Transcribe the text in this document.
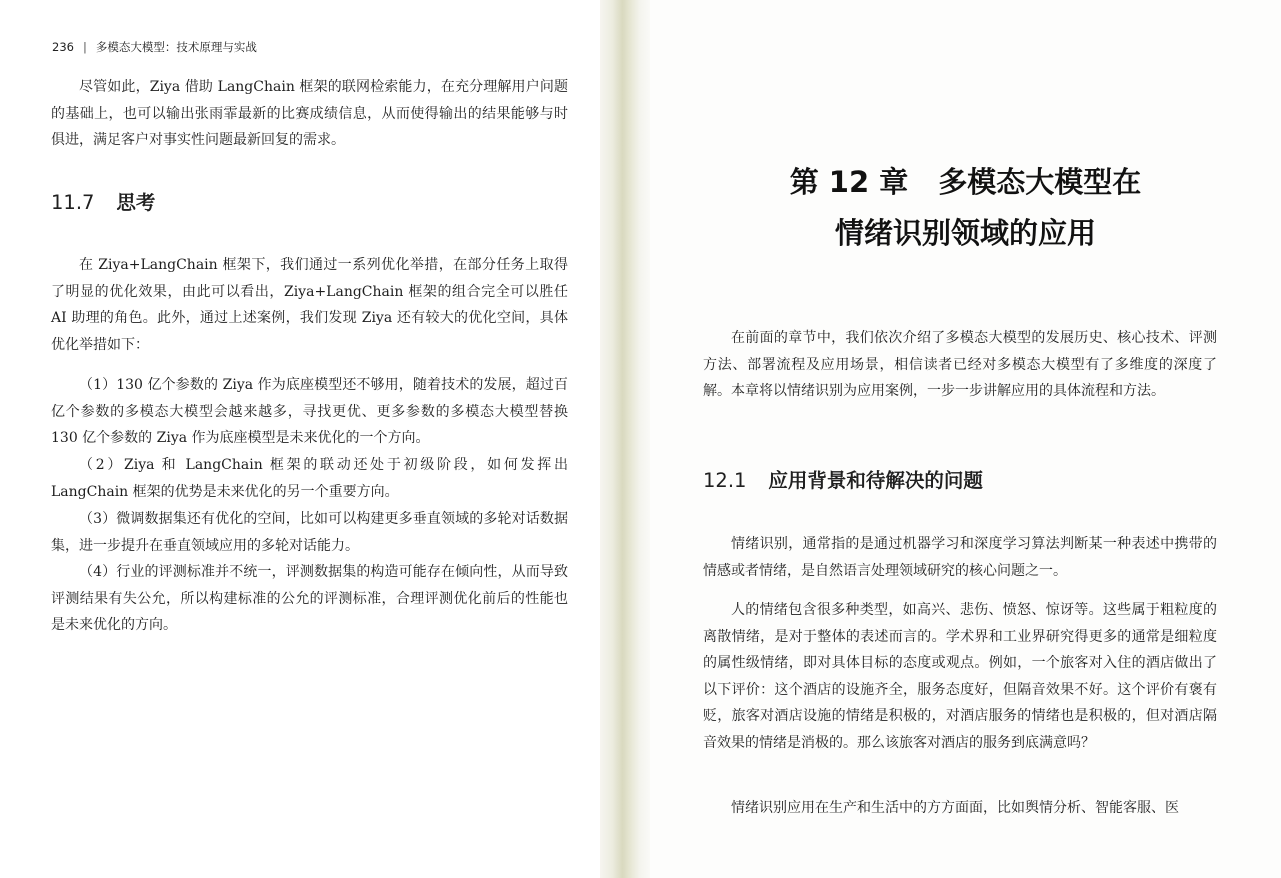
236 | 多模态大模型：技术原理与实战

尽管如此，Ziya 借助 LangChain 框架的联网检索能力，在充分理解用户问题的基础上，也可以输出张雨霏最新的比赛成绩信息，从而使得输出的结果能够与时俱进，满足客户对事实性问题最新回复的需求。

11.7 思考

在 Ziya+LangChain 框架下，我们通过一系列优化举措，在部分任务上取得了明显的优化效果，由此可以看出，Ziya+LangChain 框架的组合完全可以胜任 AI 助理的角色。此外，通过上述案例，我们发现 Ziya 还有较大的优化空间，具体优化举措如下：

（1）130 亿个参数的 Ziya 作为底座模型还不够用，随着技术的发展，超过百亿个参数的多模态大模型会越来越多，寻找更优、更多参数的多模态大模型替换 130 亿个参数的 Ziya 作为底座模型是未来优化的一个方向。

（2）Ziya 和 LangChain 框架的联动还处于初级阶段，如何发挥出 LangChain 框架的优势是未来优化的另一个重要方向。

（3）微调数据集还有优化的空间，比如可以构建更多垂直领域的多轮对话数据集，进一步提升在垂直领域应用的多轮对话能力。

（4）行业的评测标准并不统一，评测数据集的构造可能存在倾向性，从而导致评测结果有失公允，所以构建标准的公允的评测标准，合理评测优化前后的性能也是未来优化的方向。

第 12 章 多模态大模型在
情绪识别领域的应用

在前面的章节中，我们依次介绍了多模态大模型的发展历史、核心技术、评测方法、部署流程及应用场景，相信读者已经对多模态大模型有了多维度的深度了解。本章将以情绪识别为应用案例，一步一步讲解应用的具体流程和方法。

12.1 应用背景和待解决的问题

情绪识别，通常指的是通过机器学习和深度学习算法判断某一种表述中携带的情感或者情绪，是自然语言处理领域研究的核心问题之一。

人的情绪包含很多种类型，如高兴、悲伤、愤怒、惊讶等。这些属于粗粒度的离散情绪，是对于整体的表述而言的。学术界和工业界研究得更多的通常是细粒度的属性级情绪，即对具体目标的态度或观点。例如，一个旅客对入住的酒店做出了以下评价：这个酒店的设施齐全，服务态度好，但隔音效果不好。这个评价有褒有贬，旅客对酒店设施的情绪是积极的，对酒店服务的情绪也是积极的，但对酒店隔音效果的情绪是消极的。那么该旅客对酒店的服务到底满意吗？

情绪识别应用在生产和生活中的方方面面，比如舆情分析、智能客服、医
